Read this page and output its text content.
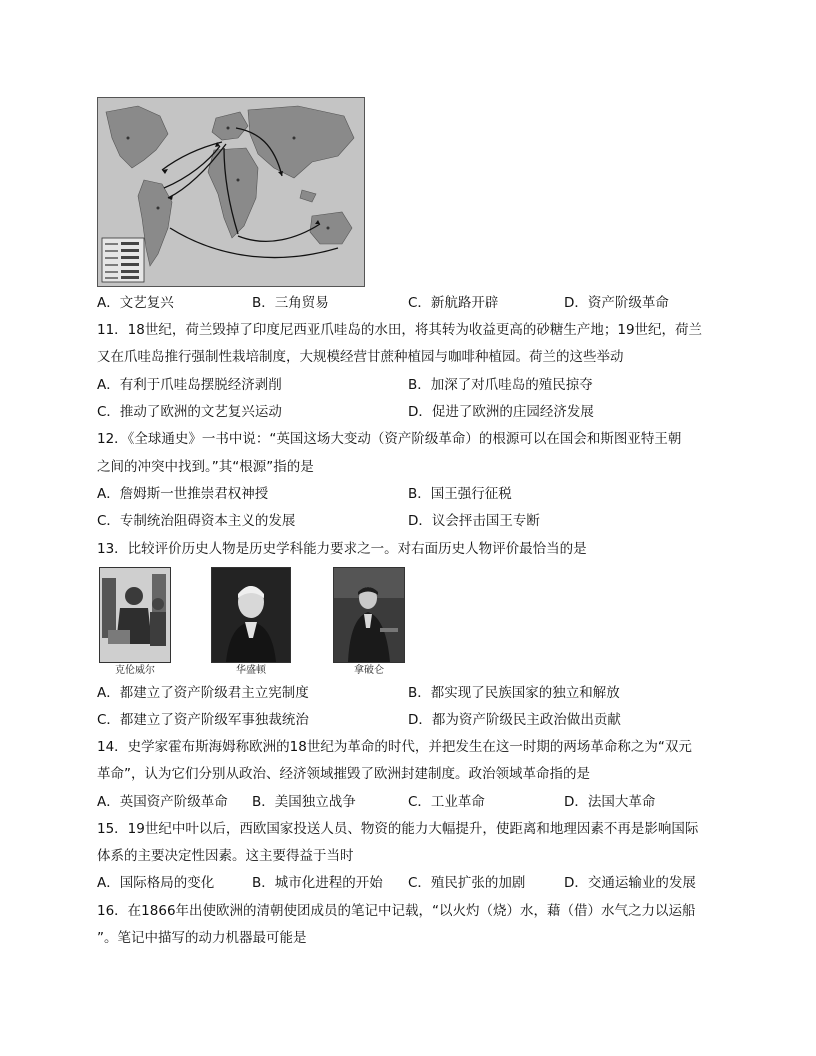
A．文艺复兴	B．三角贸易	C．新航路开辟	D．资产阶级革命
11．18世纪，荷兰毁掉了印度尼西亚爪哇岛的水田，将其转为收益更高的砂糖生产地；19世纪，荷兰
又在爪哇岛推行强制性栽培制度，大规模经营甘蔗种植园与咖啡种植园。荷兰的这些举动
A．有利于爪哇岛摆脱经济剥削	B．加深了对爪哇岛的殖民掠夺
C．推动了欧洲的文艺复兴运动	D．促进了欧洲的庄园经济发展
12．《全球通史》一书中说：“英国这场大变动（资产阶级革命）的根源可以在国会和斯图亚特王朝
之间的冲突中找到。”其“根源”指的是
A．詹姆斯一世推崇君权神授	B．国王强行征税
C．专制统治阻碍资本主义的发展	D．议会抨击国王专断
13．比较评价历史人物是历史学科能力要求之一。对右面历史人物评价最恰当的是
克伦威尔	华盛顿	拿破仑
A．都建立了资产阶级君主立宪制度	B．都实现了民族国家的独立和解放
C．都建立了资产阶级军事独裁统治	D．都为资产阶级民主政治做出贡献
14．史学家霍布斯海姆称欧洲的18世纪为革命的时代，并把发生在这一时期的两场革命称之为“双元
革命”，认为它们分别从政治、经济领域摧毁了欧洲封建制度。政治领域革命指的是
A．英国资产阶级革命 B．美国独立战争	C．工业革命	D．法国大革命
15．19世纪中叶以后，西欧国家投送人员、物资的能力大幅提升，使距离和地理因素不再是影响国际
体系的主要决定性因素。这主要得益于当时
A．国际格局的变化	B．城市化进程的开始 C．殖民扩张的加剧	D．交通运输业的发展
16．在1866年出使欧洲的清朝使团成员的笔记中记载，“以火灼（烧）水，藉（借）水气之力以运船
”。笔记中描写的动力机器最可能是
